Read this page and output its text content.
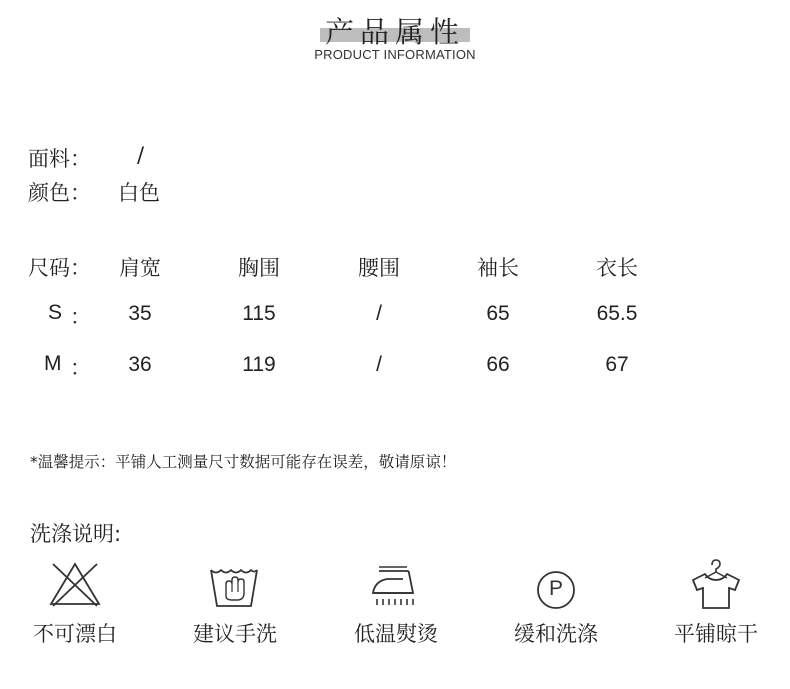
产品属性
PRODUCT INFORMATION
面料： /
颜色： 白色
尺码：	肩宽	胸围	腰围	袖长	衣长
S ：	35	115	/	65	65.5
M ：	36	119	/	66	67
*温馨提示：平铺人工测量尺寸数据可能存在误差，敬请原谅！
洗涤说明:
P
不可漂白	建议手洗	低温熨烫	缓和洗涤	平铺晾干
